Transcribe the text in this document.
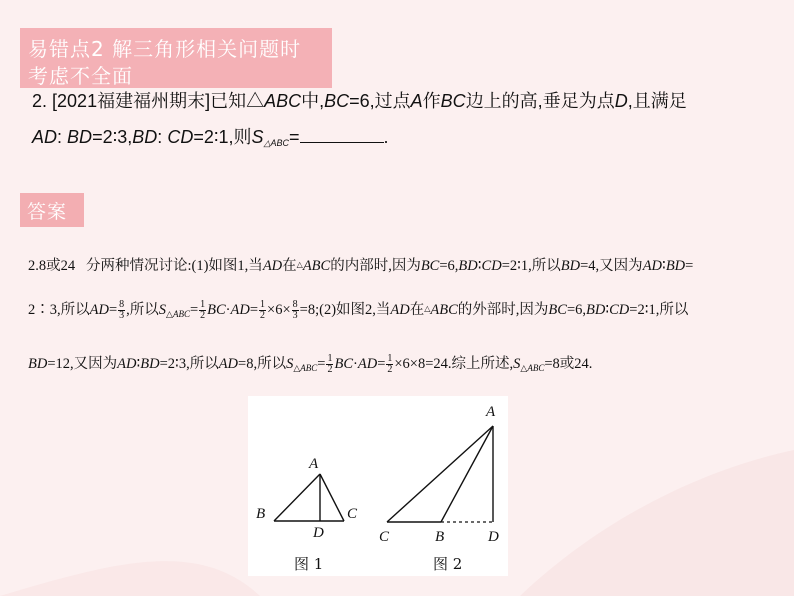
易错点2 解三角形相关问题时
考虑不全面
2. [2021福建福州期末]已知△ABC中,BC=6,过点A作BC边上的高,垂足为点D,且满足
AD: BD=2∶3,BD: CD=2∶1,则$S_{\triangle ABC}=$	.
答案
2.8或24 分两种情况讨论:(1)如图1,当AD在△ABC的内部时,因为BC=6,BD∶CD=2∶1,所以BD=4,又因为AD∶BD=
2∶3,所以$AD= \frac{8}{3}$ ,所以$S_{\triangle ABC}= \frac{1}{2} BC\cdot AD= \frac{1}{2} \times 6\times \frac{8}{3}$ =8;(2)如图2,当AD在△ABC的外部时,因为BC=6,BD∶CD=2∶1,所以
BD=12,又因为AD∶BD=2∶3,所以AD=8,所以$S_{\triangle ABC}= \frac{1}{2} BC\cdot AD= \frac{1}{2} \times 6\times 8=24$.综上所述$,S_{\triangle ABC}=8$或24.
A
B	C
D
图 1
A
B
C	D
图 2
